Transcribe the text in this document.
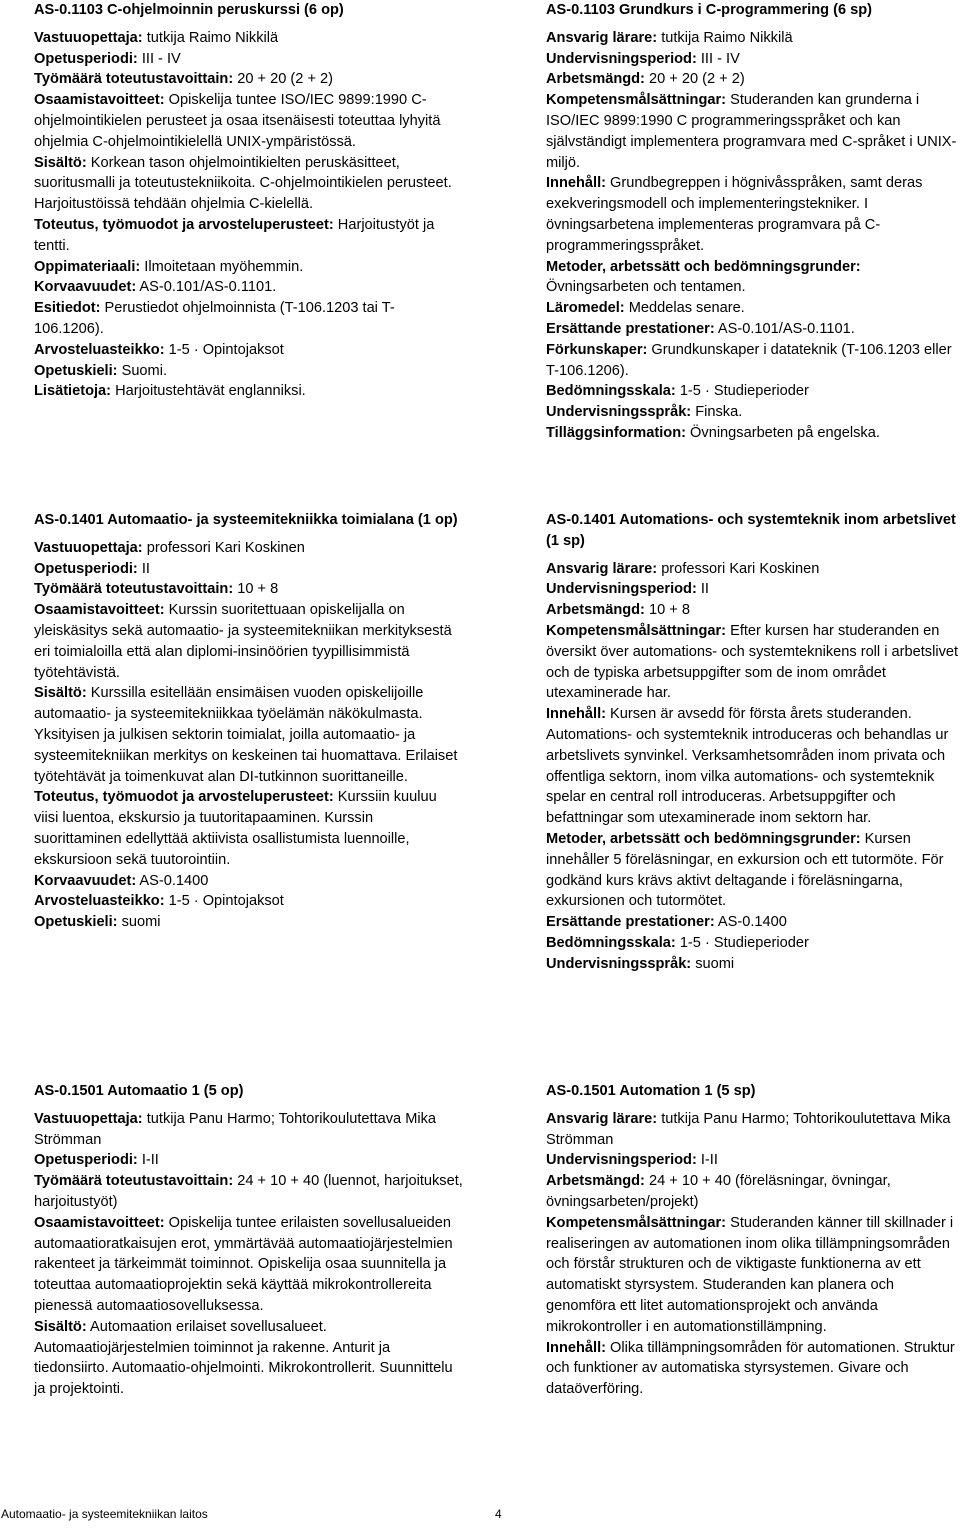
AS-0.1103 C-ohjelmoinnin peruskurssi (6 op)

Vastuuopettaja: tutkija Raimo Nikkilä

Opetusperiodi: III - IV

Työmäärä toteutustavoittain: 20 + 20 (2 + 2)

Osaamistavoitteet: Opiskelija tuntee ISO/IEC 9899:1990 C-ohjelmointikielen perusteet ja osaa itsenäisesti toteuttaa lyhyitä ohjelmia C-ohjelmointikielellä UNIX-ympäristössä.

Sisältö: Korkean tason ohjelmointikielten peruskäsitteet, suoritusmalli ja toteutustekniikoita. C-ohjelmointikielen perusteet. Harjoitustöissä tehdään ohjelmia C-kielellä.

Toteutus, työmuodot ja arvosteluperusteet: Harjoitustyöt ja tentti.

Oppimateriaali: Ilmoitetaan myöhemmin.

Korvaavuudet: AS-0.101/AS-0.1101.

Esitiedot: Perustiedot ohjelmoinnista (T-106.1203 tai T-106.1206).

Arvosteluasteikko: 1-5 · Opintojaksot

Opetuskieli: Suomi.

Lisätietoja: Harjoitustehtävät englanniksi.

AS-0.1401 Automaatio- ja systeemitekniikka toimialana (1 op)

Vastuuopettaja: professori Kari Koskinen

Opetusperiodi: II

Työmäärä toteutustavoittain: 10 + 8

Osaamistavoitteet: Kurssin suoritettuaan opiskelijalla on yleiskäsitys sekä automaatio- ja systeemitekniikan merkityksestä eri toimialoilla että alan diplomi-insinöörien tyypillisimmistä työtehtävistä.

Sisältö: Kurssilla esitellään ensimäisen vuoden opiskelijoille automaatio- ja systeemitekniikkaa työelämän näkökulmasta. Yksityisen ja julkisen sektorin toimialat, joilla automaatio- ja systeemitekniikan merkitys on keskeinen tai huomattava. Erilaiset työtehtävät ja toimenkuvat alan DI-tutkinnon suorittaneille.

Toteutus, työmuodot ja arvosteluperusteet: Kurssiin kuuluu viisi luentoa, ekskursio ja tuutoritapaaminen. Kurssin suorittaminen edellyttää aktiivista osallistumista luennoille, ekskursioon sekä tuutorointiin.

Korvaavuudet: AS-0.1400

Arvosteluasteikko: 1-5 · Opintojaksot

Opetuskieli: suomi

AS-0.1501 Automaatio 1 (5 op)

Vastuuopettaja: tutkija Panu Harmo; Tohtorikoulutettava Mika Strömman

Opetusperiodi: I-II

Työmäärä toteutustavoittain: 24 + 10 + 40 (luennot, harjoitukset, harjoitustyöt)

Osaamistavoitteet: Opiskelija tuntee erilaisten sovellusalueiden automaatioratkaisujen erot, ymmärtävää automaatiojärjestelmien rakenteet ja tärkeimmät toiminnot. Opiskelija osaa suunnitella ja toteuttaa automaatioprojektin sekä käyttää mikrokontrollereita pienessä automaatiosovelluksessa.

Sisältö: Automaation erilaiset sovellusalueet. Automaatiojärjestelmien toiminnot ja rakenne. Anturit ja tiedonsiirto. Automaatio-ohjelmointi. Mikrokontrollerit. Suunnittelu ja projektointi.

AS-0.1103 Grundkurs i C-programmering (6 sp)

Ansvarig lärare: tutkija Raimo Nikkilä

Undervisningsperiod: III - IV

Arbetsmängd: 20 + 20 (2 + 2)

Kompetensmålsättningar: Studeranden kan grunderna i ISO/IEC 9899:1990 C programmeringsspråket och kan självständigt implementera programvara med C-språket i UNIX-miljö.

Innehåll: Grundbegreppen i högnivåsspråken, samt deras exekveringsmodell och implementeringstekniker. I övningsarbetena implementeras programvara på C-programmeringsspråket.

Metoder, arbetssätt och bedömningsgrunder: Övningsarbeten och tentamen.

Läromedel: Meddelas senare.

Ersättande prestationer: AS-0.101/AS-0.1101.

Förkunskaper: Grundkunskaper i datateknik (T-106.1203 eller T-106.1206).

Bedömningsskala: 1-5 · Studieperioder

Undervisningsspråk: Finska.

Tilläggsinformation: Övningsarbeten på engelska.

AS-0.1401 Automations- och systemteknik inom arbetslivet (1 sp)

Ansvarig lärare: professori Kari Koskinen

Undervisningsperiod: II

Arbetsmängd: 10 + 8

Kompetensmålsättningar: Efter kursen har studeranden en översikt över automations- och systemteknikens roll i arbetslivet och de typiska arbetsuppgifter som de inom området utexaminerade har.

Innehåll: Kursen är avsedd för första årets studeranden. Automations- och systemteknik introduceras och behandlas ur arbetslivets synvinkel. Verksamhetsområden inom privata och offentliga sektorn, inom vilka automations- och systemteknik spelar en central roll introduceras. Arbetsuppgifter och befattningar som utexaminerade inom sektorn har.

Metoder, arbetssätt och bedömningsgrunder: Kursen innehåller 5 föreläsningar, en exkursion och ett tutormöte. För godkänd kurs krävs aktivt deltagande i föreläsningarna, exkursionen och tutormötet.

Ersättande prestationer: AS-0.1400

Bedömningsskala: 1-5 · Studieperioder

Undervisningsspråk: suomi

AS-0.1501 Automation 1 (5 sp)

Ansvarig lärare: tutkija Panu Harmo; Tohtorikoulutettava Mika Strömman

Undervisningsperiod: I-II

Arbetsmängd: 24 + 10 + 40 (föreläsningar, övningar, övningsarbeten/projekt)

Kompetensmålsättningar: Studeranden känner till skillnader i realiseringen av automationen inom olika tillämpningsområden och förstår strukturen och de viktigaste funktionerna av ett automatiskt styrsystem. Studeranden kan planera och genomföra ett litet automationsprojekt och använda mikrokontroller i en automationstillämpning.

Innehåll: Olika tillämpningsområden för automationen. Struktur och funktioner av automatiska styrsystemen. Givare och dataöverföring.

Automaatio- ja systeemitekniikan laitos	4
